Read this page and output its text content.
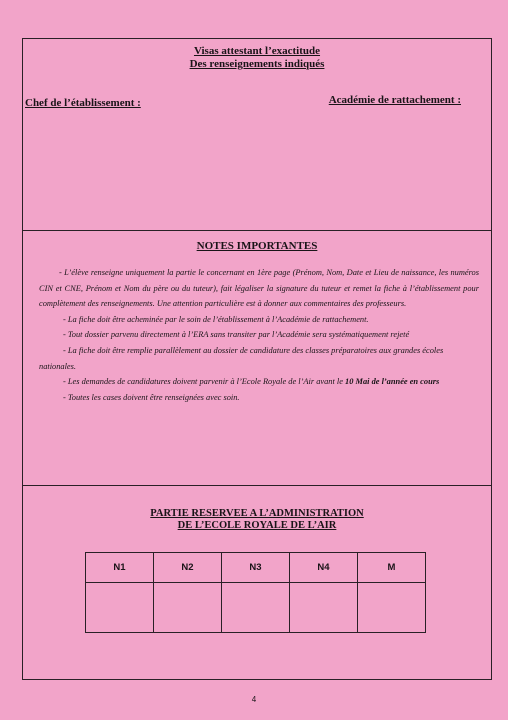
Visas attestant l’exactitude
Des renseignements indiqués
Chef de l’établissement :	Académie de rattachement :
NOTES IMPORTANTES

- L’élève renseigne uniquement la partie le concernant en 1ère page (Prénom, Nom, Date et Lieu de naissance, les numéros CIN et CNE, Prénom et Nom du père ou du tuteur), fait légaliser la signature du tuteur et remet la fiche à l’établissement pour complètement des renseignements. Une attention particulière est à donner aux commentaires des professeurs.

- La fiche doit être acheminée par le soin de l’établissement à l’Académie de rattachement.

- Tout dossier parvenu directement à l’ERA sans transiter par l’Académie sera systématiquement rejeté

- La fiche doit être remplie parallèlement au dossier de candidature des classes préparatoires aux grandes écoles nationales.

- Les demandes de candidatures doivent parvenir à l’Ecole Royale de l’Air avant le 10 Mai de l’année en cours

- Toutes les cases doivent être renseignées avec soin.

PARTIE RESERVEE A L’ADMINISTRATION
DE L’ECOLE ROYALE DE L’AIR
N1	N2	N3	N4	M

4
